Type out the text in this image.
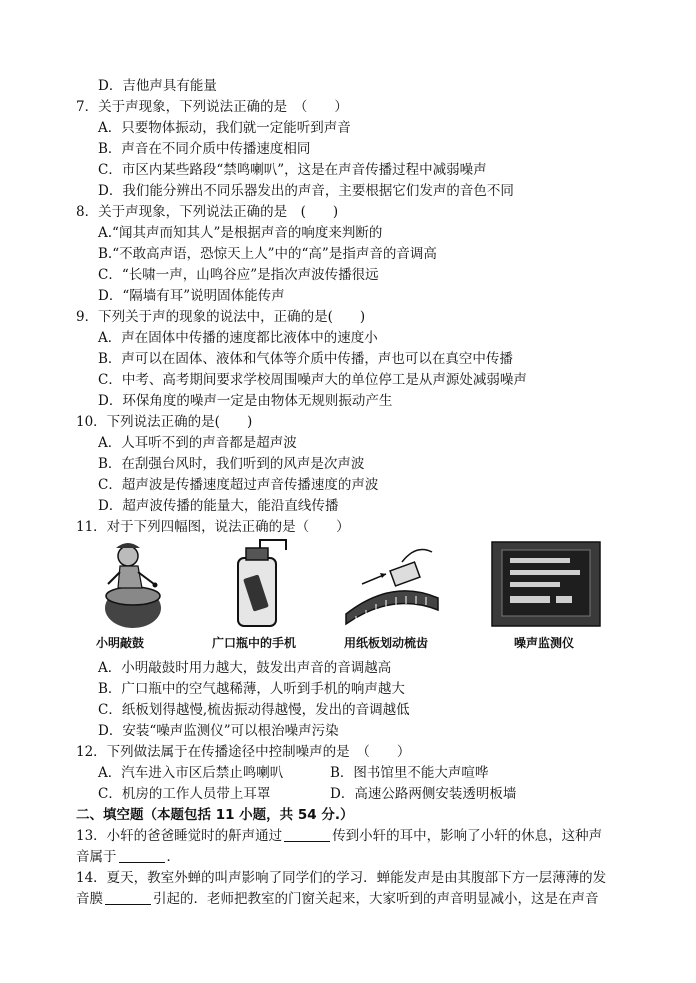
D．吉他声具有能量
7．关于声现象，下列说法正确的是　（　　）
A．只要物体振动，我们就一定能听到声音
B．声音在不同介质中传播速度相同
C．市区内某些路段“禁鸣喇叭”，这是在声音传播过程中减弱噪声
D．我们能分辨出不同乐器发出的声音，主要根据它们发声的音色不同
8．关于声现象，下列说法正确的是　(　　)
A.“闻其声而知其人”是根据声音的响度来判断的
B.“不敢高声语，恐惊天上人”中的“高”是指声音的音调高
C．“长啸一声，山鸣谷应”是指次声波传播很远
D．“隔墙有耳”说明固体能传声
9．下列关于声的现象的说法中，正确的是(　　)
A．声在固体中传播的速度都比液体中的速度小
B．声可以在固体、液体和气体等介质中传播，声也可以在真空中传播
C．中考、高考期间要求学校周围噪声大的单位停工是从声源处减弱噪声
D．环保角度的噪声一定是由物体无规则振动产生
10．下列说法正确的是(　　)
A．人耳听不到的声音都是超声波
B．在刮强台风时，我们听到的风声是次声波
C．超声波是传播速度超过声音传播速度的声波
D．超声波传播的能量大，能沿直线传播
11．对于下列四幅图，说法正确的是（　　）
小明敲鼓	广口瓶中的手机	用纸板划动梳齿	噪声监测仪
A．小明敲鼓时用力越大，鼓发出声音的音调越高
B．广口瓶中的空气越稀薄，人听到手机的响声越大
C．纸板划得越慢,梳齿振动得越慢，发出的音调越低
D．安装“噪声监测仪”可以根治噪声污染
12．下列做法属于在传播途径中控制噪声的是　（　　）
A．汽车进入市区后禁止鸣喇叭	B．图书馆里不能大声喧哗
C．机房的工作人员带上耳罩	D．高速公路两侧安装透明板墙
二、填空题（本题包括 11 小题，共 54 分.）
13．小轩的爸爸睡觉时的鼾声通过	传到小轩的耳中，影响了小轩的休息，这种声
音属于	．
14．夏天，教室外蝉的叫声影响了同学们的学习．蝉能发声是由其腹部下方一层薄薄的发
音膜	引起的．老师把教室的门窗关起来，大家听到的声音明显减小，这是在声音
